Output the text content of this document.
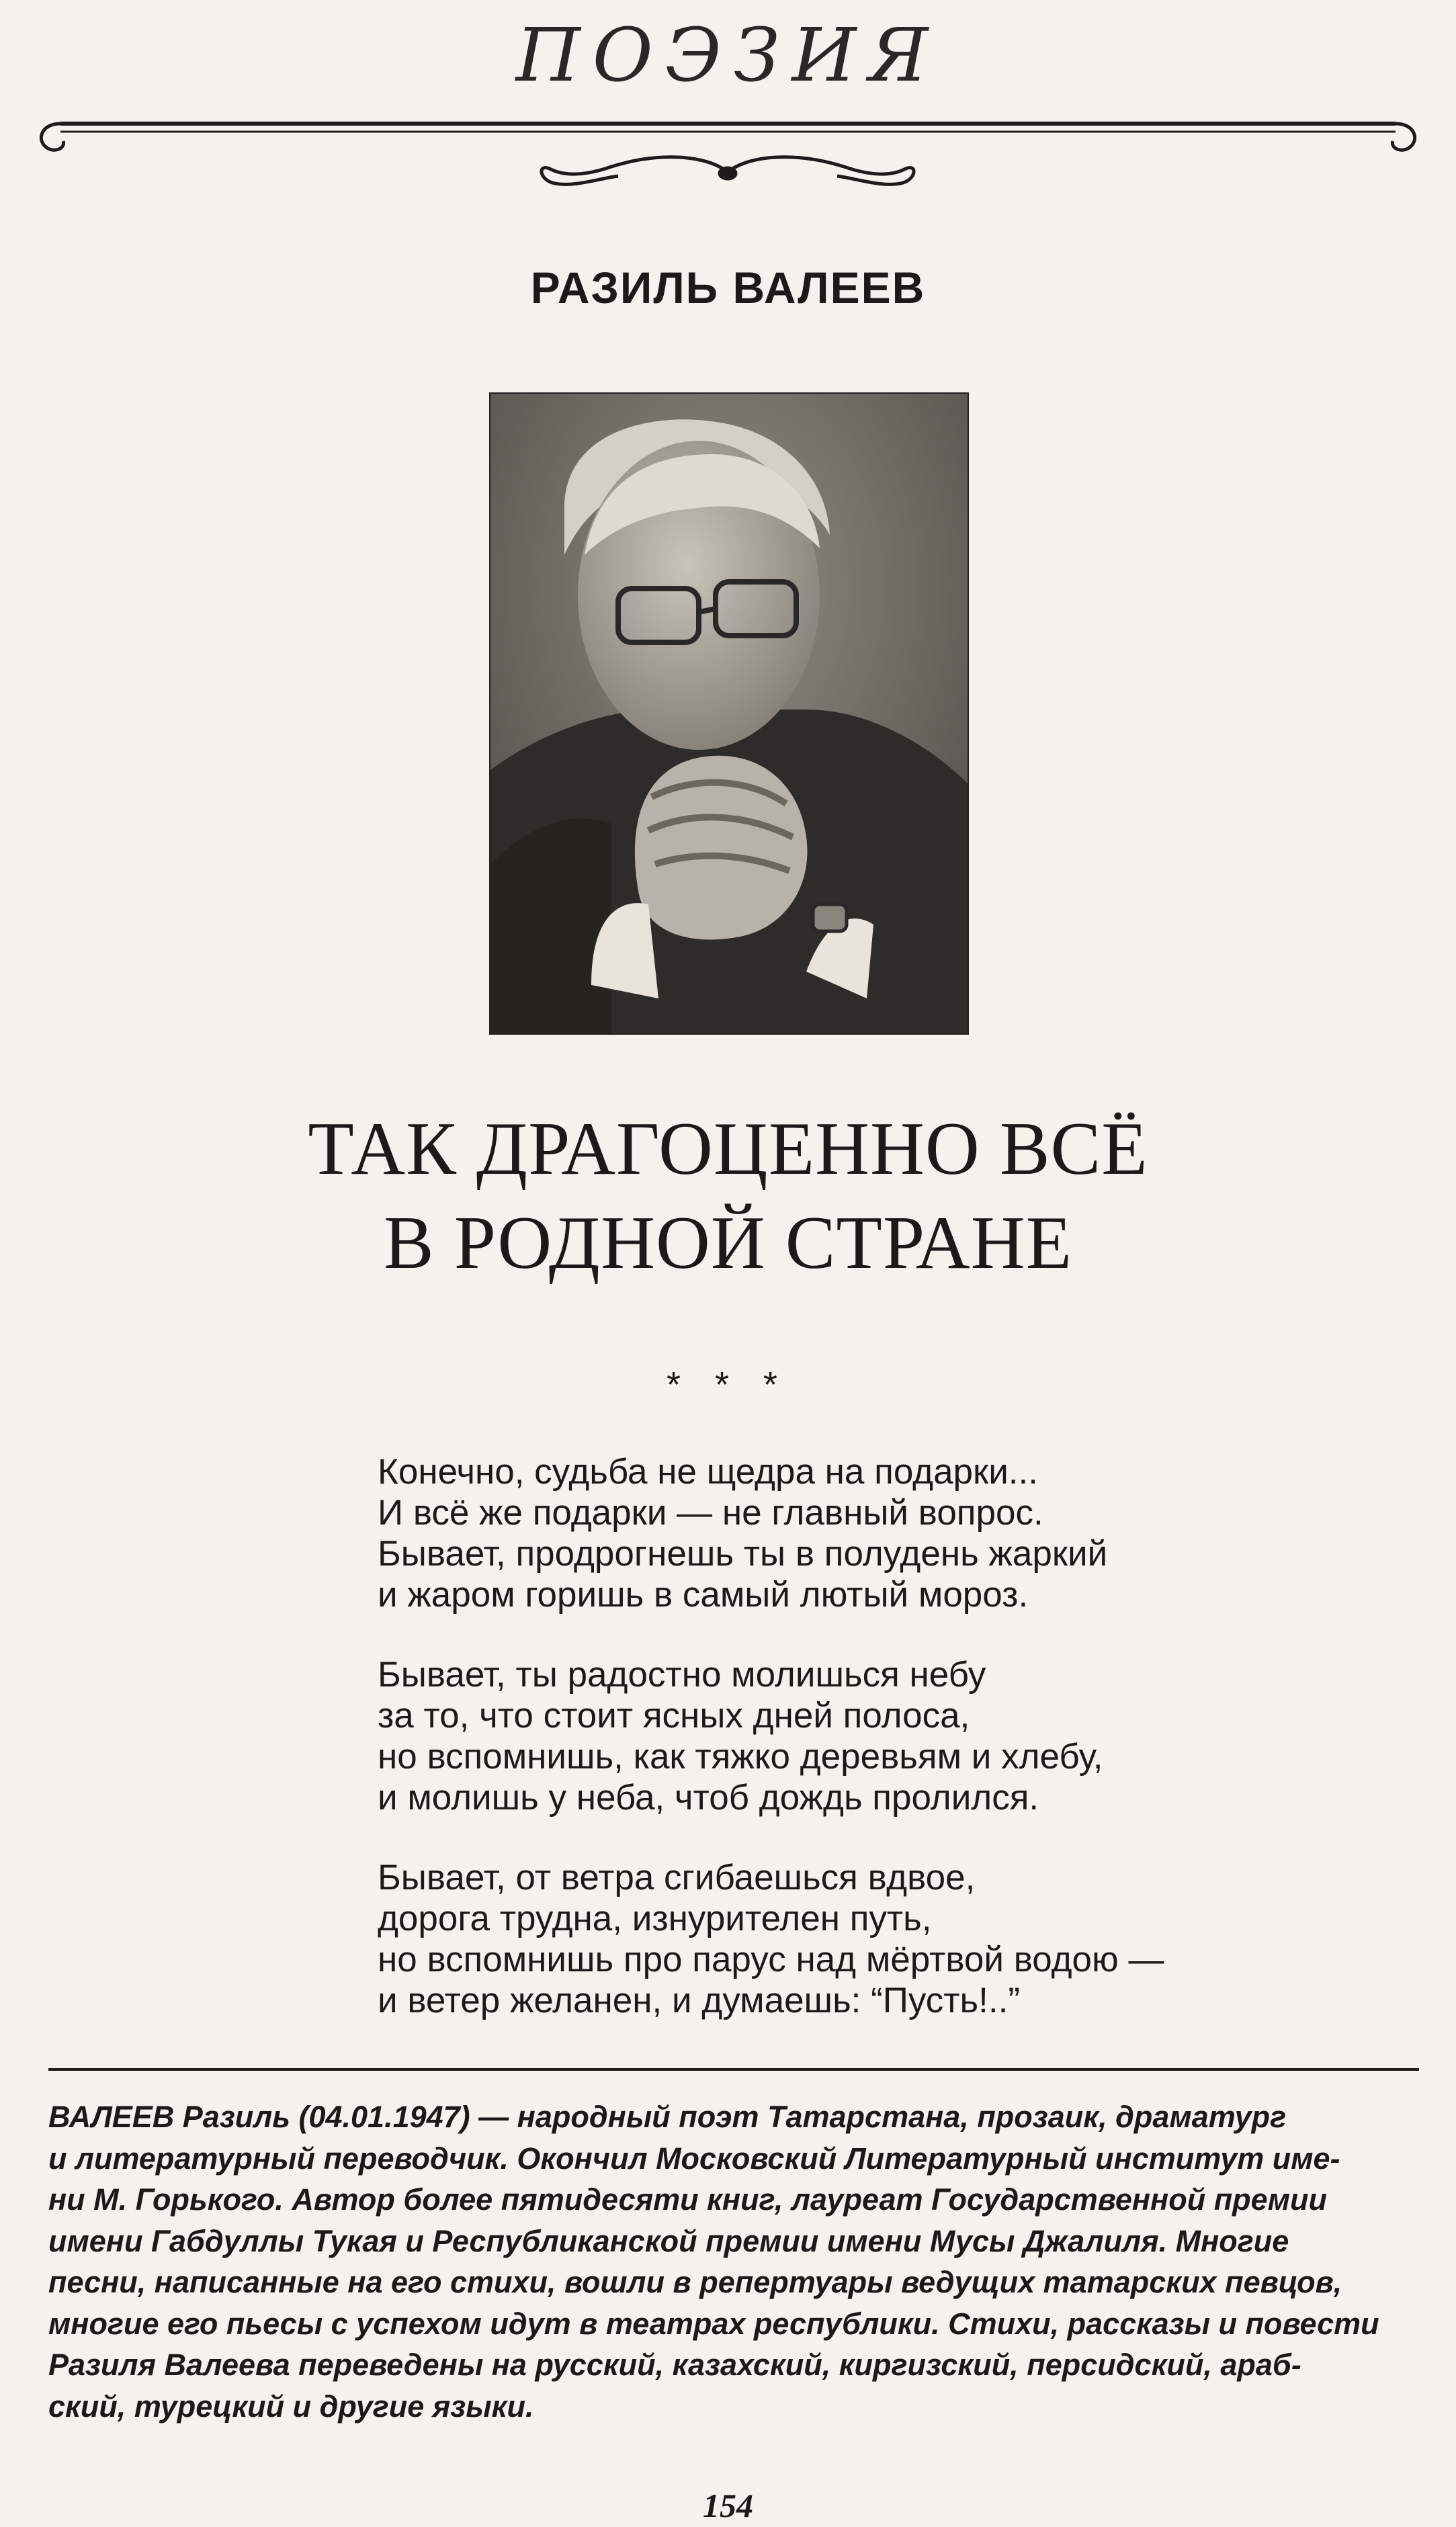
ПОЭЗИЯ
РАЗИЛЬ ВАЛЕЕВ
ТАК ДРАГОЦЕННО ВСЁ
В РОДНОЙ СТРАНЕ
* * *
Конечно, судьба не щедра на подарки...
И всё же подарки — не главный вопрос.
Бывает, продрогнешь ты в полудень жаркий
и жаром горишь в самый лютый мороз.
Бывает, ты радостно молишься небу
за то, что стоит ясных дней полоса,
но вспомнишь, как тяжко деревьям и хлебу,
и молишь у неба, чтоб дождь пролился.
Бывает, от ветра сгибаешься вдвое,
дорога трудна, изнурителен путь,
но вспомнишь про парус над мёртвой водою —
и ветер желанен, и думаешь: “Пусть!..”
ВАЛЕЕВ Разиль (04.01.1947) — народный поэт Татарстана, прозаик, драматург
и литературный переводчик. Окончил Московский Литературный институт име-
ни М. Горького. Автор более пятидесяти книг, лауреат Государственной премии
имени Габдуллы Тукая и Республиканской премии имени Мусы Джалиля. Многие
песни, написанные на его стихи, вошли в репертуары ведущих татарских певцов,
многие его пьесы с успехом идут в театрах республики. Стихи, рассказы и повести
Разиля Валеева переведены на русский, казахский, киргизский, персидский, араб-
ский, турецкий и другие языки.
154
